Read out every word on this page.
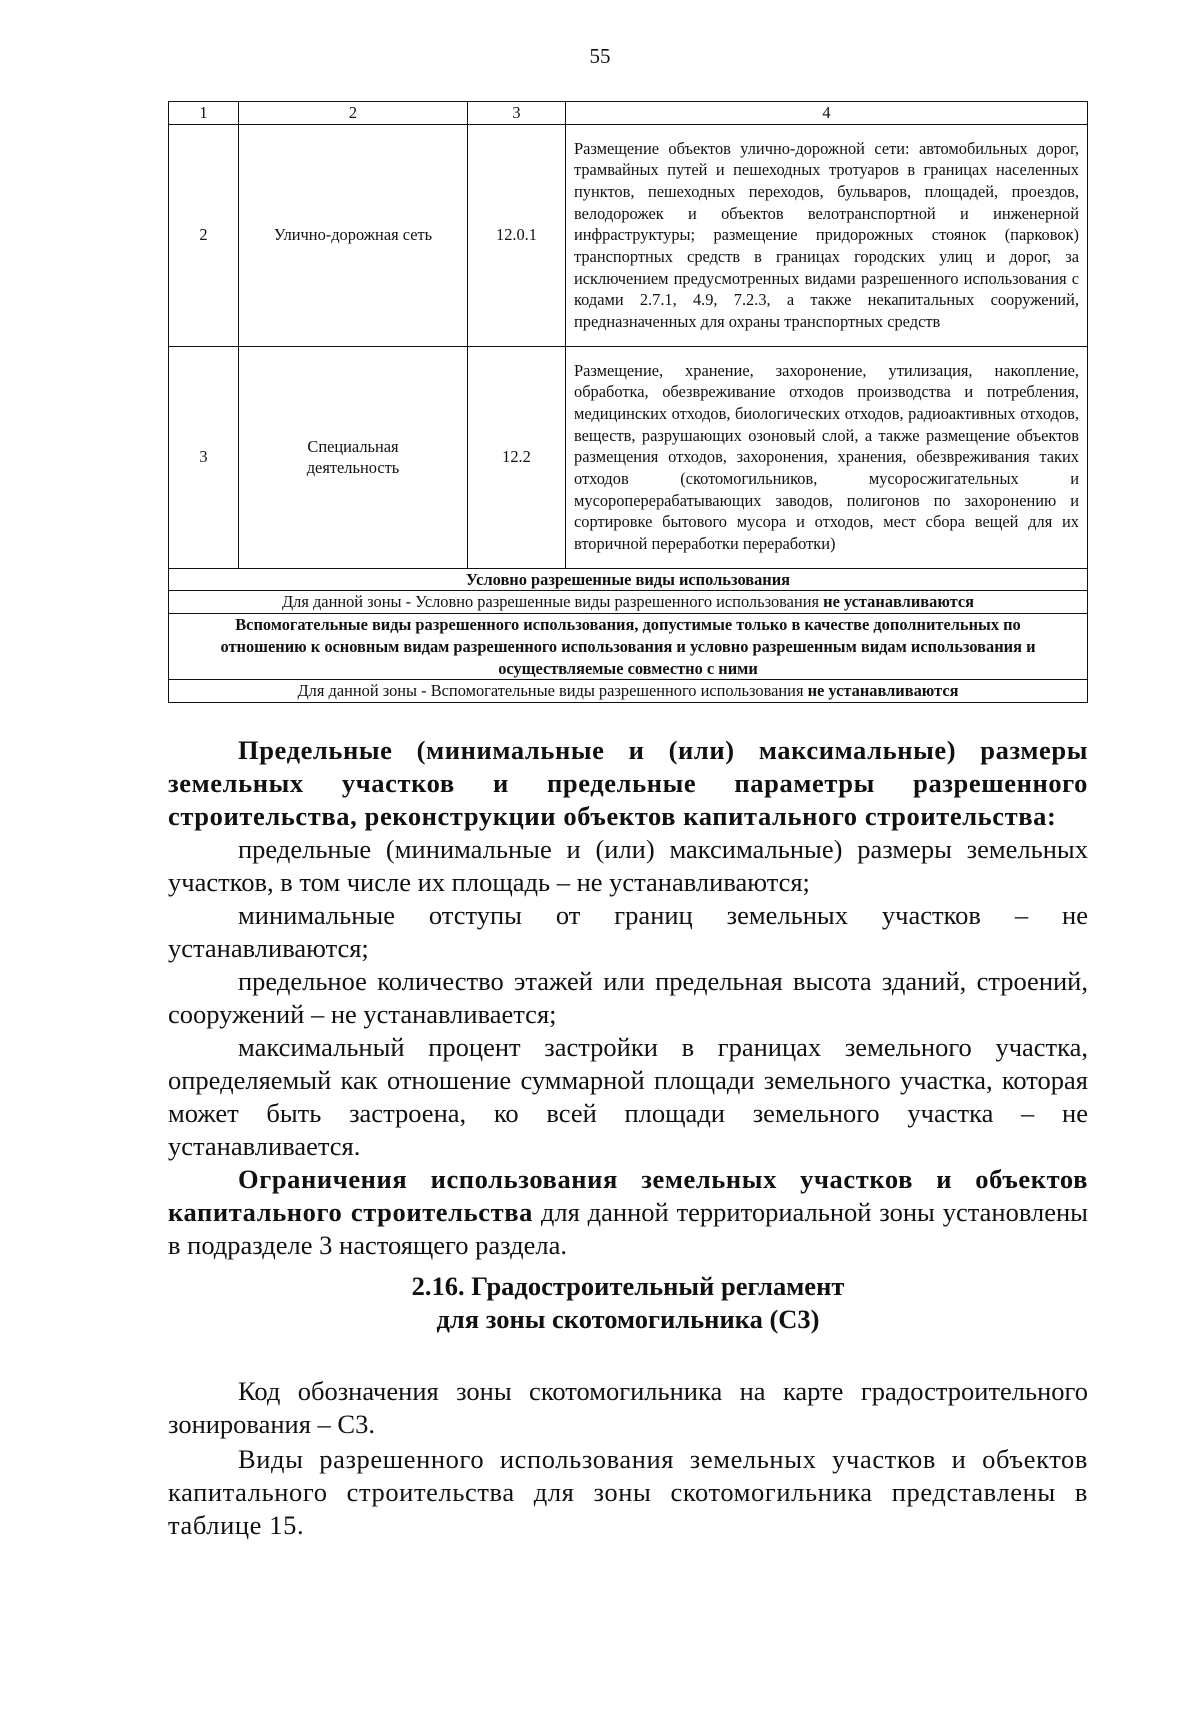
55
1	2	3	4
2	Улично-дорожная сеть	12.0.1	Размещение объектов улично-дорожной сети: автомобильных дорог, трамвайных путей и пешеходных тротуаров в границах населенных пунктов, пешеходных переходов, бульваров, площадей, проездов, велодорожек и объектов велотранспортной и инженерной инфраструктуры; размещение придорожных стоянок (парковок) транспортных средств в границах городских улиц и дорог, за исключением предусмотренных видами разрешенного использования с кодами 2.7.1, 4.9, 7.2.3, а также некапитальных сооружений, предназначенных для охраны транспортных средств

3	Специальная деятельность	12.2	Размещение, хранение, захоронение, утилизация, накопление, обработка, обезвреживание отходов производства и потребления, медицинских отходов, биологических отходов, радиоактивных отходов, веществ, разрушающих озоновый слой, а также размещение объектов размещения отходов, захоронения, хранения, обезвреживания таких отходов (скотомогильников, мусоросжигательных и мусороперерабатывающих заводов, полигонов по захоронению и сортировке бытового мусора и отходов, мест сбора вещей для их вторичной переработки переработки)

Условно разрешенные виды использования			
Для данной зоны - Условно разрешенные виды разрешенного использования не устанавливаются			
Вспомогательные виды разрешенного использования, допустимые только в качестве дополнительных по отношению к основным видам разрешенного использования и условно разрешенным видам использования и осуществляемые совместно с ними			
Для данной зоны - Вспомогательные виды разрешенного использования не устанавливаются			

Предельные (минимальные и (или) максимальные) размеры земельных участков и предельные параметры разрешенного строительства, реконструкции объектов капитального строительства:

предельные (минимальные и (или) максимальные) размеры земельных участков, в том числе их площадь – не устанавливаются;

минимальные отступы от границ земельных участков – не устанавливаются;

предельное количество этажей или предельная высота зданий, строений, сооружений – не устанавливается;

максимальный процент застройки в границах земельного участка, определяемый как отношение суммарной площади земельного участка, которая может быть застроена, ко всей площади земельного участка – не устанавливается.

Ограничения использования земельных участков и объектов капитального строительства для данной территориальной зоны установлены в подразделе 3 настоящего раздела.

2.16. Градостроительный регламент

для зоны скотомогильника (С3)

Код обозначения зоны скотомогильника на карте градостроительного зонирования – С3.

Виды разрешенного использования земельных участков и объектов капитального строительства для зоны скотомогильника представлены в таблице 15.
